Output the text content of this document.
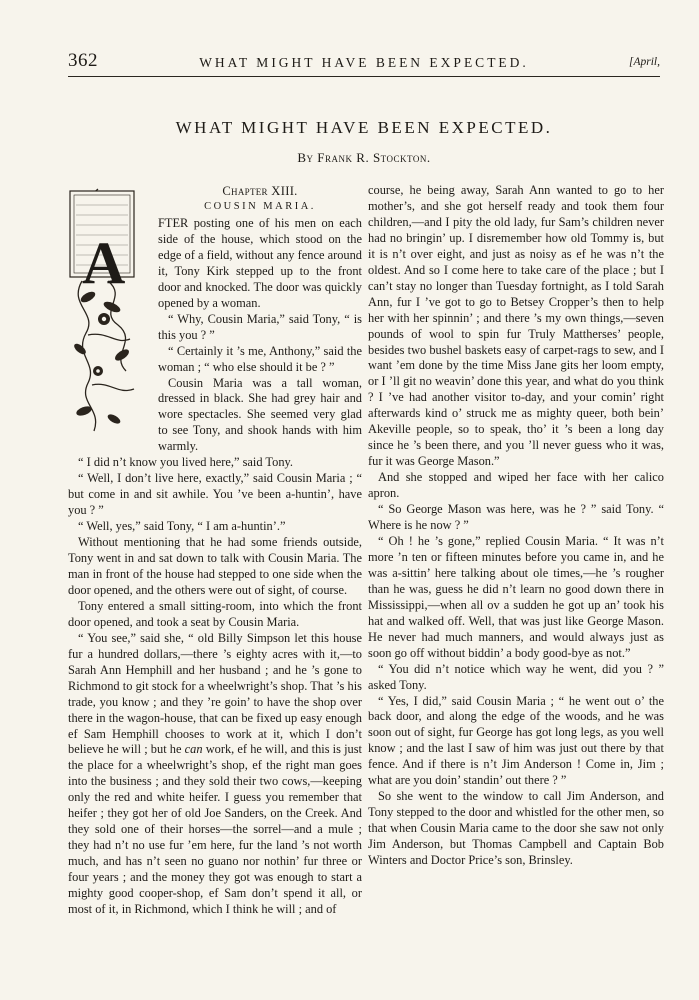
362	WHAT MIGHT HAVE BEEN EXPECTED.	[April,
WHAT MIGHT HAVE BEEN EXPECTED.
By Frank R. Stockton.
Chapter XIII.
COUSIN MARIA.

A
FTER posting one of his men on each side of the house, which stood on the edge of a field, without any fence around it, Tony Kirk stepped up to the front door and knocked. The door was quickly opened by a woman.

“ Why, Cousin Maria,” said Tony, “ is this you ? ”

“ Certainly it ’s me, Anthony,” said the woman ; “ who else should it be ? ”

Cousin Maria was a tall woman, dressed in black. She had grey hair and wore spectacles. She seemed very glad to see Tony, and shook hands with him warmly.

“ I did n’t know you lived here,” said Tony.

“ Well, I don’t live here, exactly,” said Cousin Maria ; “ but come in and sit awhile. You ’ve been a-huntin’, have you ? ”

“ Well, yes,” said Tony, “ I am a-huntin’.”

Without mentioning that he had some friends outside, Tony went in and sat down to talk with Cousin Maria. The man in front of the house had stepped to one side when the door opened, and the others were out of sight, of course.

Tony entered a small sitting-room, into which the front door opened, and took a seat by Cousin Maria.

“ You see,” said she, “ old Billy Simpson let this house fur a hundred dollars,—there ’s eighty acres with it,—to Sarah Ann Hemphill and her husband ; and he ’s gone to Richmond to git stock for a wheelwright’s shop. That ’s his trade, you know ; and they ’re goin’ to have the shop over there in the wagon-house, that can be fixed up easy enough ef Sam Hemphill chooses to work at it, which I don’t believe he will ; but he can work, ef he will, and this is just the place for a wheelwright’s shop, ef the right man goes into the business ; and they sold their two cows,—keeping only the red and white heifer. I guess you remember that heifer ; they got her of old Joe Sanders, on the Creek. And they sold one of their horses—the sorrel—and a mule ; they had n’t no use fur ’em here, fur the land ’s not worth much, and has n’t seen no guano nor nothin’ fur three or four years ; and the money they got was enough to start a mighty good cooper-shop, ef Sam don’t spend it all, or most of it, in Richmond, which I think he will ; and of

course, he being away, Sarah Ann wanted to go to her mother’s, and she got herself ready and took them four children,—and I pity the old lady, fur Sam’s children never had no bringin’ up. I disremember how old Tommy is, but it is n’t over eight, and just as noisy as ef he was n’t the oldest. And so I come here to take care of the place ; but I can’t stay no longer than Tuesday fortnight, as I told Sarah Ann, fur I ’ve got to go to Betsey Cropper’s then to help her with her spinnin’ ; and there ’s my own things,—seven pounds of wool to spin fur Truly Mattherses’ people, besides two bushel baskets easy of carpet-rags to sew, and I want ’em done by the time Miss Jane gits her loom empty, or I ’ll git no weavin’ done this year, and what do you think ? I ’ve had another visitor to-day, and your comin’ right afterwards kind o’ struck me as mighty queer, both bein’ Akeville people, so to speak, tho’ it ’s been a long day since he ’s been there, and you ’ll never guess who it was, fur it was George Mason.”

And she stopped and wiped her face with her calico apron.

“ So George Mason was here, was he ? ” said Tony. “ Where is he now ? ”

“ Oh ! he ’s gone,” replied Cousin Maria. “ It was n’t more ’n ten or fifteen minutes before you came in, and he was a-sittin’ here talking about ole times,—he ’s rougher than he was, guess he did n’t learn no good down there in Mississippi,—when all ov a sudden he got up an’ took his hat and walked off. Well, that was just like George Mason. He never had much manners, and would always just as soon go off without biddin’ a body good-bye as not.”

“ You did n’t notice which way he went, did you ? ” asked Tony.

“ Yes, I did,” said Cousin Maria ; “ he went out o’ the back door, and along the edge of the woods, and he was soon out of sight, fur George has got long legs, as you well know ; and the last I saw of him was just out there by that fence. And if there is n’t Jim Anderson ! Come in, Jim ; what are you doin’ standin’ out there ? ”

So she went to the window to call Jim Anderson, and Tony stepped to the door and whistled for the other men, so that when Cousin Maria came to the door she saw not only Jim Anderson, but Thomas Campbell and Captain Bob Winters and Doctor Price’s son, Brinsley.
